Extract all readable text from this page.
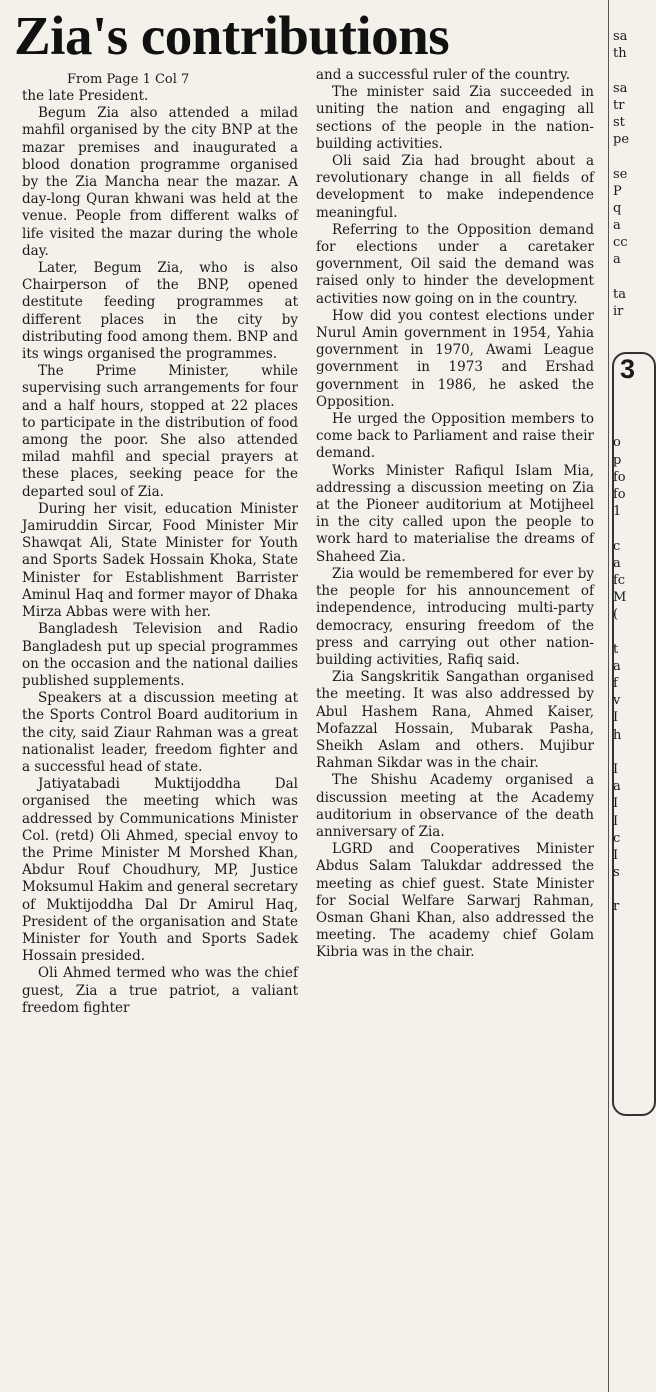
Zia's contributions
From Page 1 Col 7

the late President.

Begum Zia also attended a milad mahfil organised by the city BNP at the mazar premises and inaugurated a blood donation programme organised by the Zia Mancha near the mazar. A day-long Quran khwani was held at the venue. People from different walks of life visited the mazar during the whole day.

Later, Begum Zia, who is also Chairperson of the BNP, opened destitute feeding programmes at different places in the city by distributing food among them. BNP and its wings organised the programmes.

The Prime Minister, while supervising such arrangements for four and a half hours, stopped at 22 places to participate in the distribution of food among the poor. She also attended milad mahfil and special prayers at these places, seeking peace for the departed soul of Zia.

During her visit, education Minister Jamiruddin Sircar, Food Minister Mir Shawqat Ali, State Minister for Youth and Sports Sadek Hossain Khoka, State Minister for Establishment Barrister Aminul Haq and former mayor of Dhaka Mirza Abbas were with her.

Bangladesh Television and Radio Bangladesh put up special programmes on the occasion and the national dailies published supplements.

Speakers at a discussion meeting at the Sports Control Board auditorium in the city, said Ziaur Rahman was a great nationalist leader, freedom fighter and a successful head of state.

Jatiyatabadi Muktijoddha Dal organised the meeting which was addressed by Communications Minister Col. (retd) Oli Ahmed, special envoy to the Prime Minister M Morshed Khan, Abdur Rouf Choudhury, MP, Justice Moksumul Hakim and general secretary of Muktijoddha Dal Dr Amirul Haq, President of the organisation and State Minister for Youth and Sports Sadek Hossain presided.

Oli Ahmed termed who was the chief guest, Zia a true patriot, a valiant freedom fighter

and a successful ruler of the country.

The minister said Zia succeeded in uniting the nation and engaging all sections of the people in the nation-building activities.

Oli said Zia had brought about a revolutionary change in all fields of development to make independence meaningful.

Referring to the Opposition demand for elections under a caretaker government, Oil said the demand was raised only to hinder the development activities now going on in the country.

How did you contest elections under Nurul Amin government in 1954, Yahia government in 1970, Awami League government in 1973 and Ershad government in 1986, he asked the Opposition.

He urged the Opposition members to come back to Parliament and raise their demand.

Works Minister Rafiqul Islam Mia, addressing a discussion meeting on Zia at the Pioneer auditorium at Motijheel in the city called upon the people to work hard to materialise the dreams of Shaheed Zia.

Zia would be remembered for ever by the people for his announcement of independence, introducing multi-party democracy, ensuring freedom of the press and carrying out other nation-building activities, Rafiq said.

Zia Sangskritik Sangathan organised the meeting. It was also addressed by Abul Hashem Rana, Ahmed Kaiser, Mofazzal Hossain, Mubarak Pasha, Sheikh Aslam and others. Mujibur Rahman Sikdar was in the chair.

The Shishu Academy organised a discussion meeting at the Academy auditorium in observance of the death anniversary of Zia.

LGRD and Cooperatives Minister Abdus Salam Talukdar addressed the meeting as chief guest. State Minister for Social Welfare Sarwarj Rahman, Osman Ghani Khan, also addressed the meeting. The academy chief Golam Kibria was in the chair.

sa
th
sa
tr
st
pe
se
P
q
a
cc
a
ta
ir
3
o
p
fo
fo
1
c
a
fc
M
(
t
a
f
v
I
h
I
a
I
I
c
I
s
r
